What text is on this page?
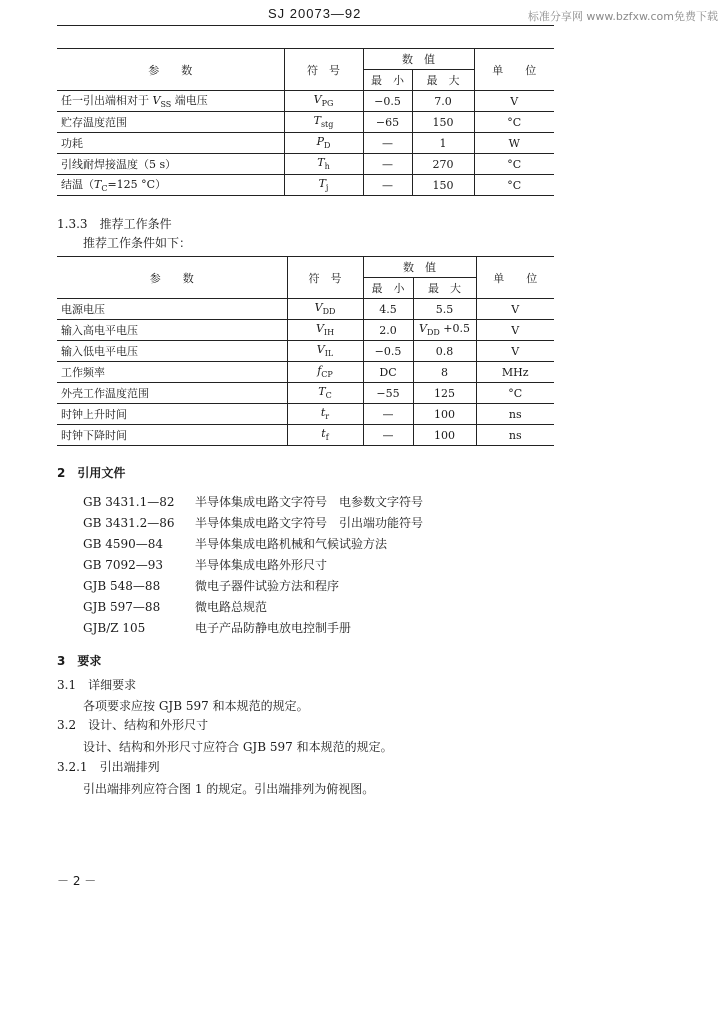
SJ 20073—92	标准分享网 www.bzfxw.com免费下载
参　　数	符　号	数　值		单　　位
		最　小	最　大	
任一引出端相对于 $V_{SS}$ 端电压	$V_{PG}$	−0.5	7.0	V
贮存温度范围	$T_{stg}$	−65	150	°C
功耗	$P_D$	—	1	W
引线耐焊接温度（5 s）	$T_h$	—	270	°C
结温（$T_C=125$ °C）	$T_j$	—	150	°C
1.3.3　 推荐工作条件
推荐工作条件如下：
参　　数	符　号	数　值		单　　位
		最　小	最　大	
电源电压	$V_{DD}$	4.5	5.5	V
输入高电平电压	$V_{IH}$	2.0	$V_{DD} +0.5$	V
输入低电平电压	$V_{IL}$	−0.5	0.8	V
工作频率	$f_{CP}$	DC	8	MHz
外壳工作温度范围	$T_C$	−55	125	°C
时钟上升时间	$t_r$	—	100	ns
时钟下降时间	$t_f$	—	100	ns
2　 引用文件
GB 3431.1—82 半导体集成电路文字符号　电参数文字符号
GB 3431.2—86 半导体集成电路文字符号　引出端功能符号
GB 4590—84	半导体集成电路机械和气候试验方法
GB 7092—93	半导体集成电路外形尺寸
GJB 548—88	微电子器件试验方法和程序
GJB 597—88	微电路总规范
GJB/Z 105	电子产品防静电放电控制手册
3　 要求
3.1　 详细要求
各项要求应按 GJB 597 和本规范的规定。
3.2　 设计、结构和外形尺寸
设计、结构和外形尺寸应符合 GJB 597 和本规范的规定。
3.2.1　 引出端排列
引出端排列应符合图 1 的规定。引出端排列为俯视图。
－ 2 －
